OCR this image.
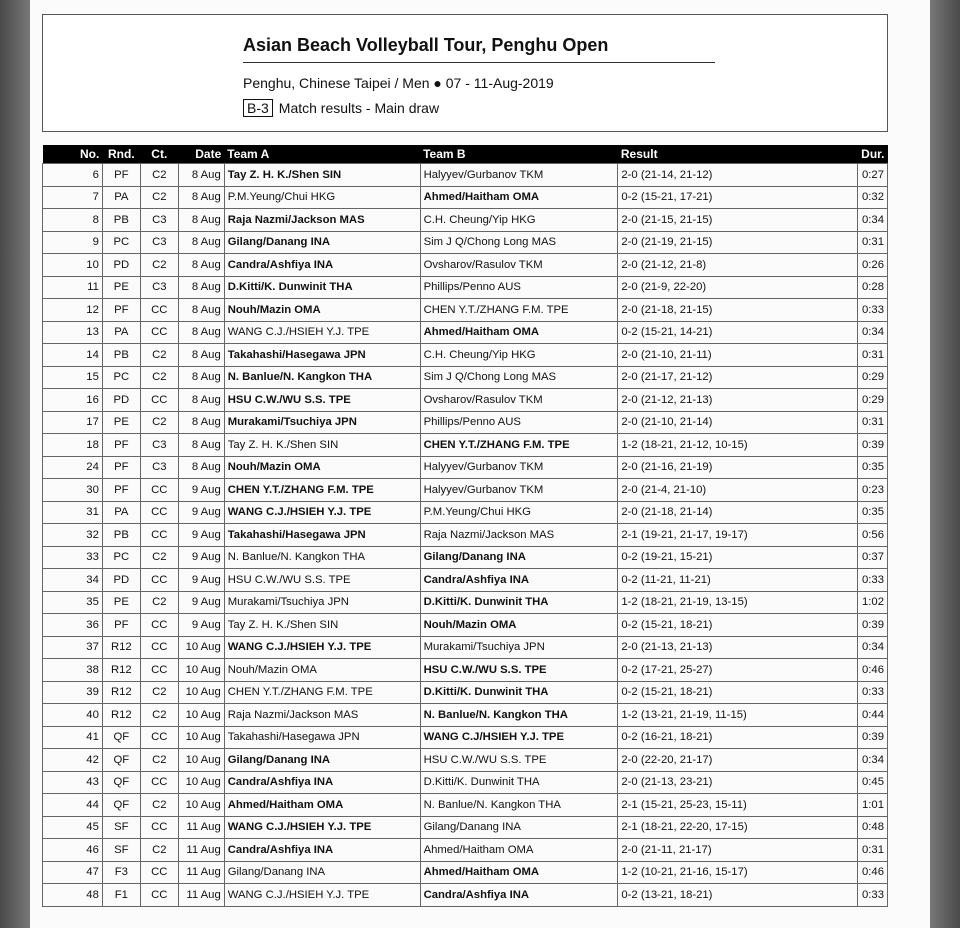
Asian Beach Volleyball Tour, Penghu Open
Penghu, Chinese Taipei / Men ● 07 - 11-Aug-2019
B-3 Match results - Main draw
No.	Rnd.	Ct.	Date	Team A	Team B	Result	Dur.
6	PF	C2	8 Aug	Tay Z. H. K./Shen SIN	Halyyev/Gurbanov TKM	2-0 (21-14, 21-12)	0:27
7	PA	C2	8 Aug	P.M.Yeung/Chui HKG	Ahmed/Haitham OMA	0-2 (15-21, 17-21)	0:32
8	PB	C3	8 Aug	Raja Nazmi/Jackson MAS	C.H. Cheung/Yip HKG	2-0 (21-15, 21-15)	0:34
9	PC	C3	8 Aug	Gilang/Danang INA	Sim J Q/Chong Long MAS	2-0 (21-19, 21-15)	0:31
10	PD	C2	8 Aug	Candra/Ashfiya INA	Ovsharov/Rasulov TKM	2-0 (21-12, 21-8)	0:26
11	PE	C3	8 Aug	D.Kitti/K. Dunwinit THA	Phillips/Penno AUS	2-0 (21-9, 22-20)	0:28
12	PF	CC	8 Aug	Nouh/Mazin OMA	CHEN Y.T./ZHANG F.M. TPE	2-0 (21-18, 21-15)	0:33
13	PA	CC	8 Aug	WANG C.J./HSIEH Y.J. TPE	Ahmed/Haitham OMA	0-2 (15-21, 14-21)	0:34
14	PB	C2	8 Aug	Takahashi/Hasegawa JPN	C.H. Cheung/Yip HKG	2-0 (21-10, 21-11)	0:31
15	PC	C2	8 Aug	N. Banlue/N. Kangkon THA	Sim J Q/Chong Long MAS	2-0 (21-17, 21-12)	0:29
16	PD	CC	8 Aug	HSU C.W./WU S.S. TPE	Ovsharov/Rasulov TKM	2-0 (21-12, 21-13)	0:29
17	PE	C2	8 Aug	Murakami/Tsuchiya JPN	Phillips/Penno AUS	2-0 (21-10, 21-14)	0:31
18	PF	C3	8 Aug	Tay Z. H. K./Shen SIN	CHEN Y.T./ZHANG F.M. TPE	1-2 (18-21, 21-12, 10-15)	0:39
24	PF	C3	8 Aug	Nouh/Mazin OMA	Halyyev/Gurbanov TKM	2-0 (21-16, 21-19)	0:35
30	PF	CC	9 Aug	CHEN Y.T./ZHANG F.M. TPE	Halyyev/Gurbanov TKM	2-0 (21-4, 21-10)	0:23
31	PA	CC	9 Aug	WANG C.J./HSIEH Y.J. TPE	P.M.Yeung/Chui HKG	2-0 (21-18, 21-14)	0:35
32	PB	CC	9 Aug	Takahashi/Hasegawa JPN	Raja Nazmi/Jackson MAS	2-1 (19-21, 21-17, 19-17)	0:56
33	PC	C2	9 Aug	N. Banlue/N. Kangkon THA	Gilang/Danang INA	0-2 (19-21, 15-21)	0:37
34	PD	CC	9 Aug	HSU C.W./WU S.S. TPE	Candra/Ashfiya INA	0-2 (11-21, 11-21)	0:33
35	PE	C2	9 Aug	Murakami/Tsuchiya JPN	D.Kitti/K. Dunwinit THA	1-2 (18-21, 21-19, 13-15)	1:02
36	PF	CC	9 Aug	Tay Z. H. K./Shen SIN	Nouh/Mazin OMA	0-2 (15-21, 18-21)	0:39
37	R12	CC	10 Aug	WANG C.J./HSIEH Y.J. TPE	Murakami/Tsuchiya JPN	2-0 (21-13, 21-13)	0:34
38	R12	CC	10 Aug	Nouh/Mazin OMA	HSU C.W./WU S.S. TPE	0-2 (17-21, 25-27)	0:46
39	R12	C2	10 Aug	CHEN Y.T./ZHANG F.M. TPE	D.Kitti/K. Dunwinit THA	0-2 (15-21, 18-21)	0:33
40	R12	C2	10 Aug	Raja Nazmi/Jackson MAS	N. Banlue/N. Kangkon THA	1-2 (13-21, 21-19, 11-15)	0:44
41	QF	CC	10 Aug	Takahashi/Hasegawa JPN	WANG C.J/HSIEH Y.J. TPE	0-2 (16-21, 18-21)	0:39
42	QF	C2	10 Aug	Gilang/Danang INA	HSU C.W./WU S.S. TPE	2-0 (22-20, 21-17)	0:34
43	QF	CC	10 Aug	Candra/Ashfiya INA	D.Kitti/K. Dunwinit THA	2-0 (21-13, 23-21)	0:45
44	QF	C2	10 Aug	Ahmed/Haitham OMA	N. Banlue/N. Kangkon THA	2-1 (15-21, 25-23, 15-11)	1:01
45	SF	CC	11 Aug	WANG C.J./HSIEH Y.J. TPE	Gilang/Danang INA	2-1 (18-21, 22-20, 17-15)	0:48
46	SF	C2	11 Aug	Candra/Ashfiya INA	Ahmed/Haitham OMA	2-0 (21-11, 21-17)	0:31
47	F3	CC	11 Aug	Gilang/Danang INA	Ahmed/Haitham OMA	1-2 (10-21, 21-16, 15-17)	0:46
48	F1	CC	11 Aug	WANG C.J./HSIEH Y.J. TPE	Candra/Ashfiya INA	0-2 (13-21, 18-21)	0:33
